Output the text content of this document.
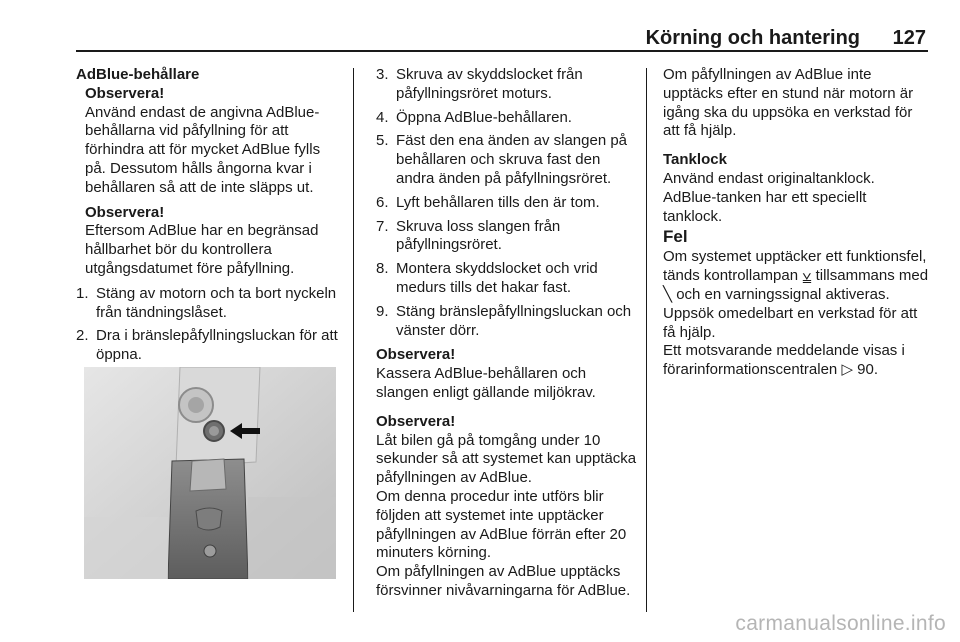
Körning och hantering	127

AdBlue-behållare

Observera!

Använd endast de angivna AdBlue-behållarna vid påfyllning för att förhindra att för mycket AdBlue fylls på. Dessutom hålls ångorna kvar i behållaren så att de inte släpps ut.

Observera!

Eftersom AdBlue har en begränsad hållbarhet bör du kontrollera utgångsdatumet före påfyllning.

1. Stäng av motorn och ta bort nyckeln från tändningslåset.
2. Dra i bränslepåfyllningsluckan för att öppna.
3. Skruva av skyddslocket från påfyllningsröret moturs.
4. Öppna AdBlue-behållaren.
5. Fäst den ena änden av slangen på behållaren och skruva fast den andra änden på påfyllningsröret.
6. Lyft behållaren tills den är tom.
7. Skruva loss slangen från påfyllningsröret.
8. Montera skyddslocket och vrid medurs tills det hakar fast.
9. Stäng bränslepåfyllningsluckan och vänster dörr.
Observera!

Kassera AdBlue-behållaren och slangen enligt gällande miljökrav.

Observera!

Låt bilen gå på tomgång under 10 sekunder så att systemet kan upptäcka påfyllningen av AdBlue.

Om denna procedur inte utförs blir följden att systemet inte upptäcker påfyllningen av AdBlue förrän efter 20 minuters körning.

Om påfyllningen av AdBlue upptäcks försvinner nivåvarningarna för AdBlue.

Om påfyllningen av AdBlue inte upptäcks efter en stund när motorn är igång ska du uppsöka en verkstad för att få hjälp.

Tanklock

Använd endast originaltanklock.

AdBlue-tanken har ett speciellt tanklock.

Fel

Om systemet upptäcker ett funktionsfel, tänds kontrollampan ⩣ tillsammans med ╲ och en varningssignal aktiveras. Uppsök omedelbart en verkstad för att få hjälp.

Ett motsvarande meddelande visas i förarinformationscentralen ▷ 90.

carmanualsonline.info
